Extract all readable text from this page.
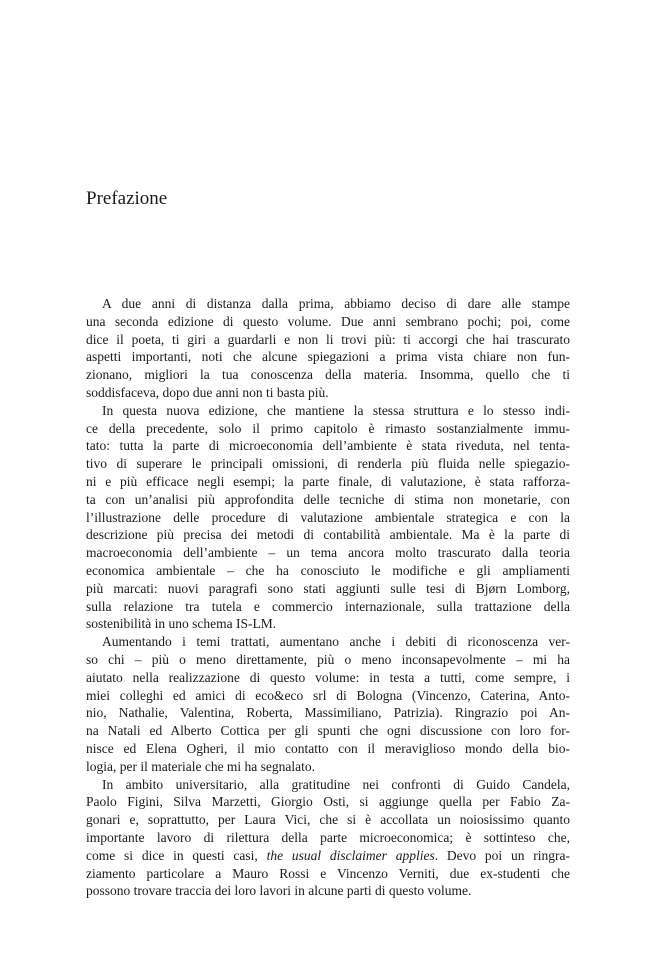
Prefazione
A due anni di distanza dalla prima, abbiamo deciso di dare alle stampe
una seconda edizione di questo volume. Due anni sembrano pochi; poi, come
dice il poeta, ti giri a guardarli e non li trovi più: ti accorgi che hai trascurato
aspetti importanti, noti che alcune spiegazioni a prima vista chiare non fun-
zionano, migliori la tua conoscenza della materia. Insomma, quello che ti
soddisfaceva, dopo due anni non ti basta più.
In questa nuova edizione, che mantiene la stessa struttura e lo stesso indi-
ce della precedente, solo il primo capitolo è rimasto sostanzialmente immu-
tato: tutta la parte di microeconomia dell’ambiente è stata riveduta, nel tenta-
tivo di superare le principali omissioni, di renderla più fluida nelle spiegazio-
ni e più efficace negli esempi; la parte finale, di valutazione, è stata rafforza-
ta con un’analisi più approfondita delle tecniche di stima non monetarie, con
l’illustrazione delle procedure di valutazione ambientale strategica e con la
descrizione più precisa dei metodi di contabilità ambientale. Ma è la parte di
macroeconomia dell’ambiente – un tema ancora molto trascurato dalla teoria
economica ambientale – che ha conosciuto le modifiche e gli ampliamenti
più marcati: nuovi paragrafi sono stati aggiunti sulle tesi di Bjørn Lomborg,
sulla relazione tra tutela e commercio internazionale, sulla trattazione della
sostenibilità in uno schema IS-LM.
Aumentando i temi trattati, aumentano anche i debiti di riconoscenza ver-
so chi – più o meno direttamente, più o meno inconsapevolmente – mi ha
aiutato nella realizzazione di questo volume: in testa a tutti, come sempre, i
miei colleghi ed amici di eco&eco srl di Bologna (Vincenzo, Caterina, Anto-
nio, Nathalie, Valentina, Roberta, Massimiliano, Patrizia). Ringrazio poi An-
na Natali ed Alberto Cottica per gli spunti che ogni discussione con loro for-
nisce ed Elena Ogheri, il mio contatto con il meraviglioso mondo della bio-
logia, per il materiale che mi ha segnalato.
In ambito universitario, alla gratitudine nei confronti di Guido Candela,
Paolo Figini, Silva Marzetti, Giorgio Osti, si aggiunge quella per Fabio Za-
gonari e, soprattutto, per Laura Vici, che si è accollata un noiosissimo quanto
importante lavoro di rilettura della parte microeconomica; è sottinteso che,
come si dice in questi casi, the usual disclaimer applies. Devo poi un ringra-
ziamento particolare a Mauro Rossi e Vincenzo Verniti, due ex-studenti che
possono trovare traccia dei loro lavori in alcune parti di questo volume.
